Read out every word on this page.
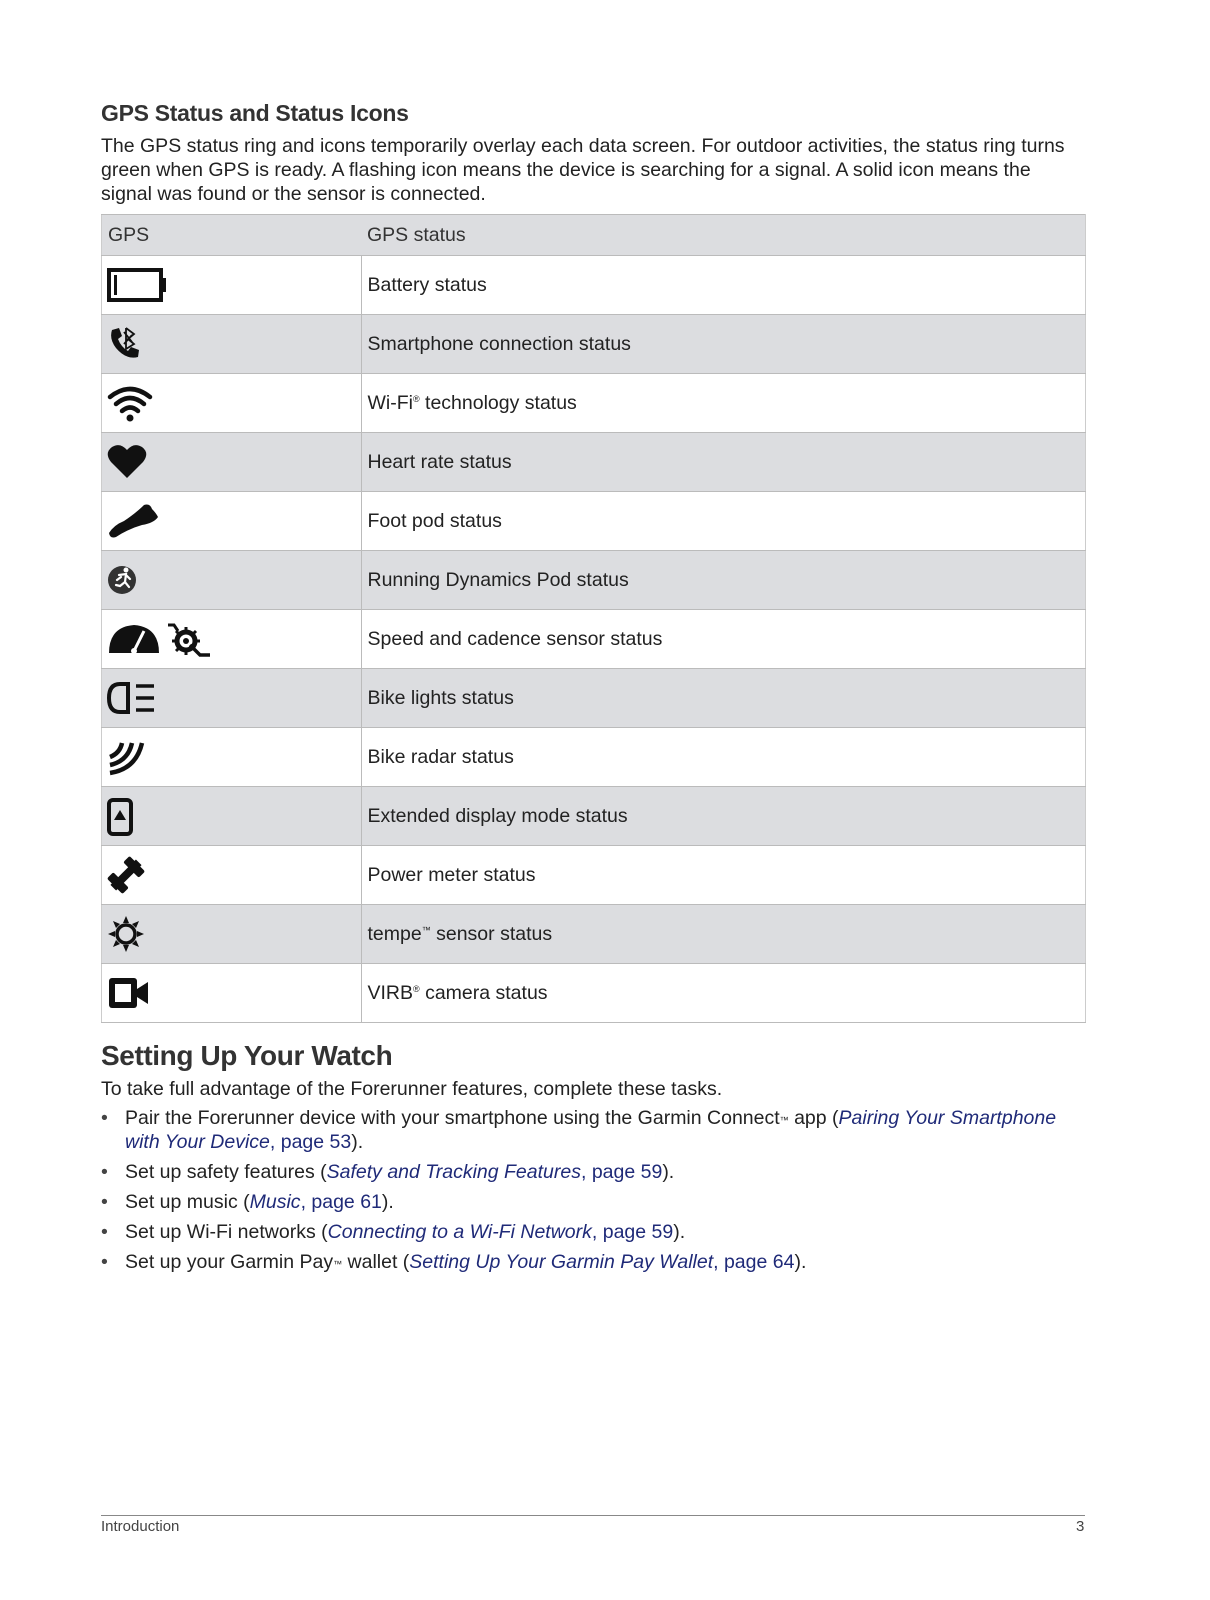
GPS Status and Status Icons

The GPS status ring and icons temporarily overlay each data screen. For outdoor activities, the status ring turns green when GPS is ready. A flashing icon means the device is searching for a signal. A solid icon means the signal was found or the sensor is connected.

GPS	GPS status

	Battery status

	Smartphone connection status

	Wi-Fi® technology status

	Heart rate status

	Foot pod status

	Running Dynamics Pod status

	Speed and cadence sensor status

	Bike lights status

	Bike radar status

	Extended display mode status

	Power meter status

	tempe™ sensor status

	VIRB® camera status
Setting Up Your Watch

To take full advantage of the Forerunner features, complete these tasks.

• Pair the Forerunner device with your smartphone using the Garmin Connect™ app (Pairing Your Smartphone with Your Device, page 53).
• Set up safety features (Safety and Tracking Features, page 59).
• Set up music (Music, page 61).
• Set up Wi-Fi networks (Connecting to a Wi-Fi Network, page 59).
• Set up your Garmin Pay™ wallet (Setting Up Your Garmin Pay Wallet, page 64).
Introduction	3
